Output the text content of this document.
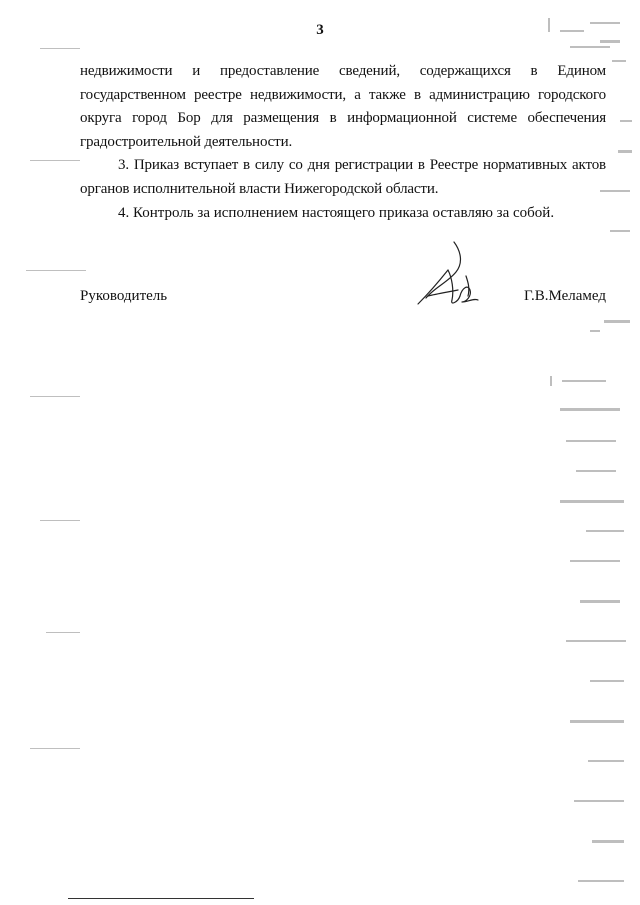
3

недвижимости и предоставление сведений, содержащихся в Едином государственном реестре недвижимости, а также в администрацию городского округа город Бор для размещения в информационной системе обеспечения градостроительной деятельности.

3. Приказ вступает в силу со дня регистрации в Реестре нормативных актов органов исполнительной власти Нижегородской области.

4. Контроль за исполнением настоящего приказа оставляю за собой.

Руководитель	Г.В.Меламед
